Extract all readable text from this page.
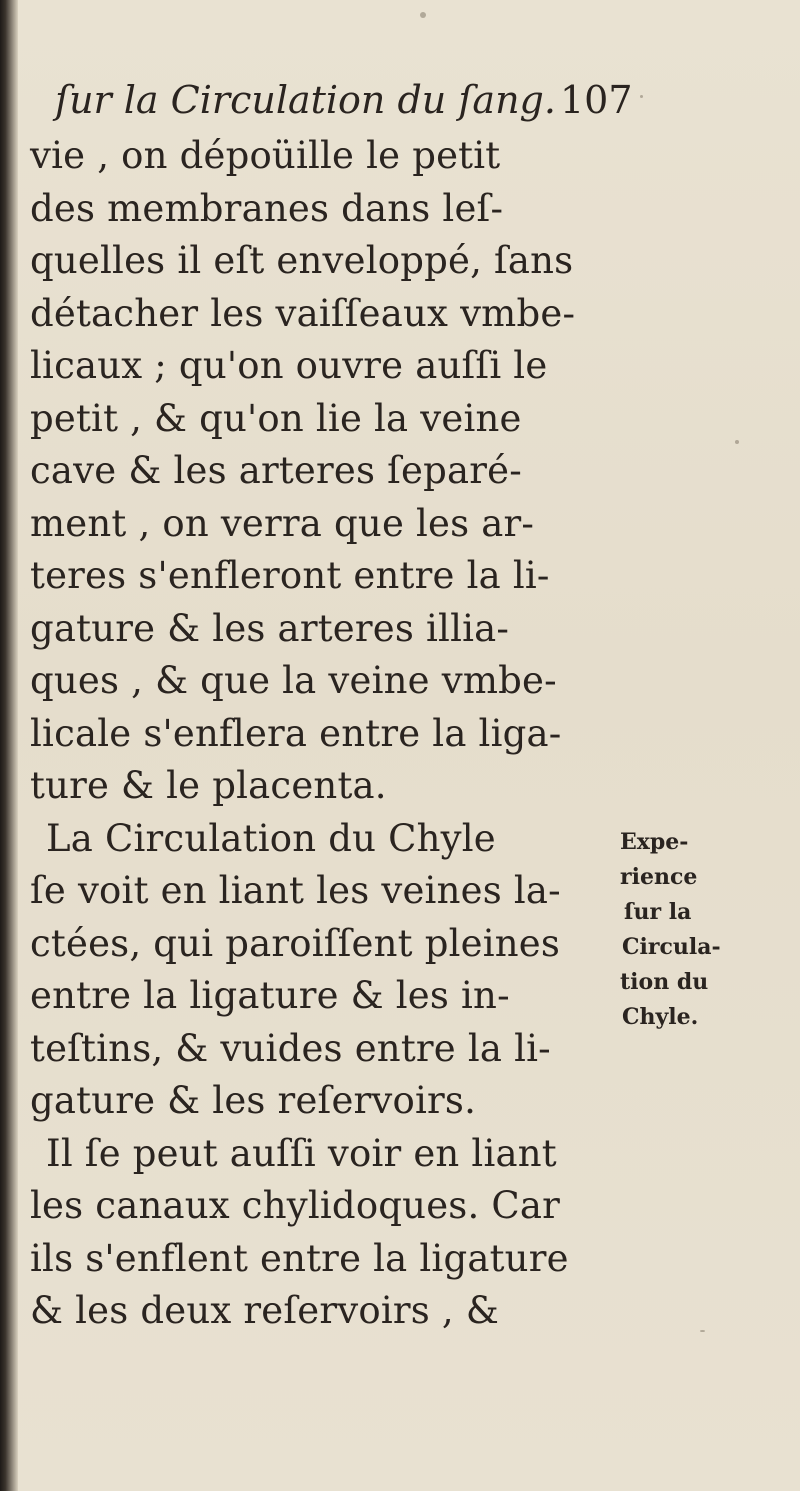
ſur la Circulation du ſang. 107
vie , on dépoüille le petit
des membranes dans leſ-
quelles il eſt enveloppé, ſans
détacher les vaiſſeaux vmbe-
licaux ; qu'on ouvre auſſi le
petit , & qu'on lie la veine
cave & les arteres ſeparé-
ment , on verra que les ar-
teres s'enfleront entre la li-
gature & les arteres illia-
ques , & que la veine vmbe-
licale s'enflera entre la liga-
ture & le placenta.
La Circulation du Chyle
ſe voit en liant les veines la-
ctées, qui paroiſſent pleines
entre la ligature & les in-
teſtins, & vuides entre la li-
gature & les reſervoirs.
Il ſe peut auſſi voir en liant
les canaux chylidoques. Car
ils s'enflent entre la ligature
& les deux reſervoirs , &
Expe-
rience
ſur la
Circula-
tion du
Chyle.
